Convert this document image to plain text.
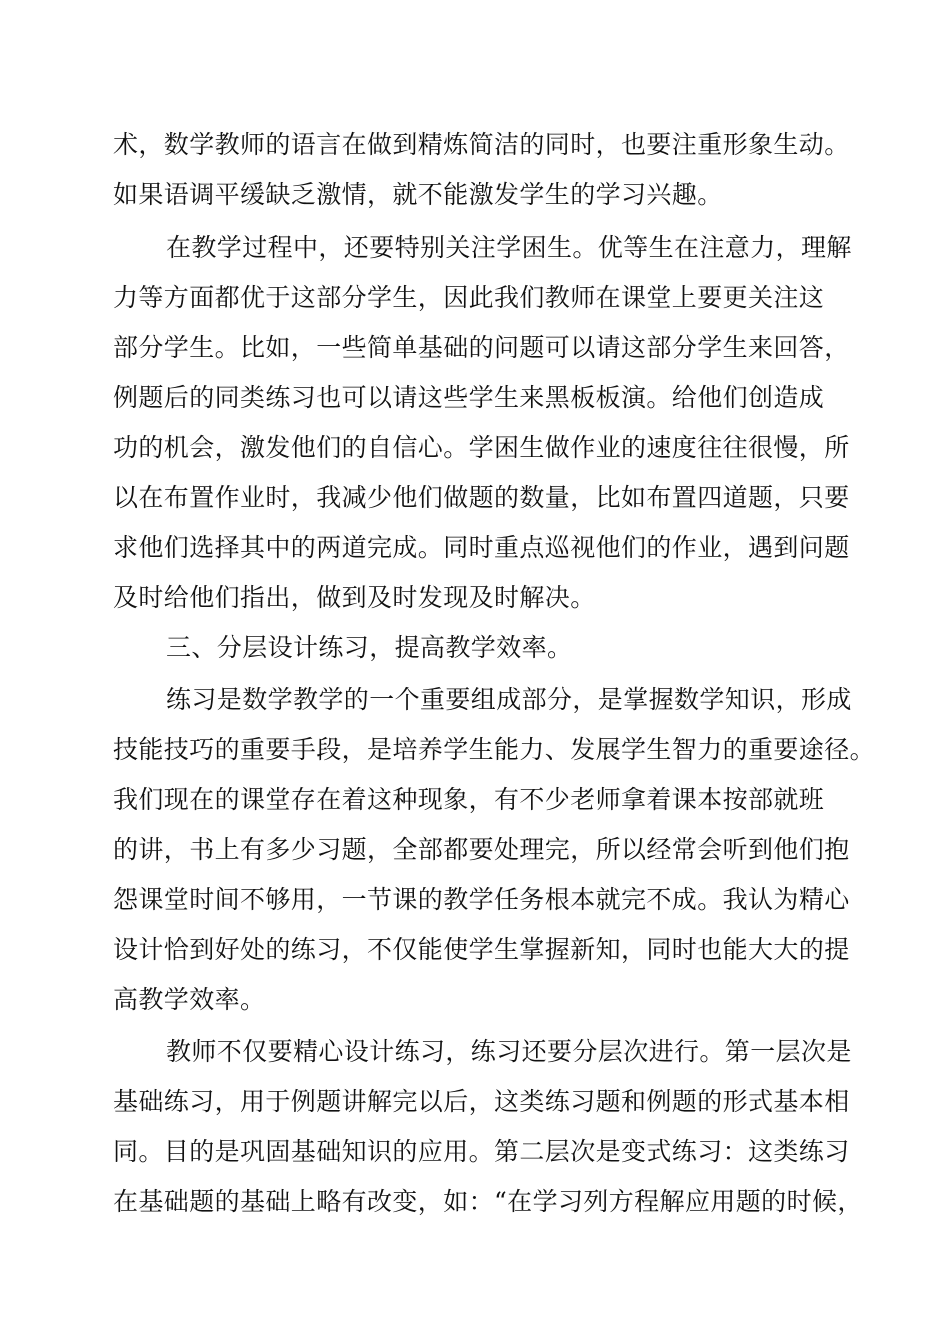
术，数学教师的语言在做到精炼简洁的同时，也要注重形象生动。
如果语调平缓缺乏激情，就不能激发学生的学习兴趣。
在教学过程中，还要特别关注学困生。优等生在注意力，理解
力等方面都优于这部分学生，因此我们教师在课堂上要更关注这
部分学生。比如，一些简单基础的问题可以请这部分学生来回答，
例题后的同类练习也可以请这些学生来黑板板演。给他们创造成
功的机会，激发他们的自信心。学困生做作业的速度往往很慢，所
以在布置作业时，我减少他们做题的数量，比如布置四道题，只要
求他们选择其中的两道完成。同时重点巡视他们的作业，遇到问题
及时给他们指出，做到及时发现及时解决。
三、分层设计练习，提高教学效率。
练习是数学教学的一个重要组成部分，是掌握数学知识，形成
技能技巧的重要手段，是培养学生能力、发展学生智力的重要途径。
我们现在的课堂存在着这种现象，有不少老师拿着课本按部就班
的讲，书上有多少习题，全部都要处理完，所以经常会听到他们抱
怨课堂时间不够用，一节课的教学任务根本就完不成。我认为精心
设计恰到好处的练习，不仅能使学生掌握新知，同时也能大大的提
高教学效率。
教师不仅要精心设计练习，练习还要分层次进行。第一层次是
基础练习，用于例题讲解完以后，这类练习题和例题的形式基本相
同。目的是巩固基础知识的应用。第二层次是变式练习：这类练习
在基础题的基础上略有改变，如：“在学习列方程解应用题的时候，
